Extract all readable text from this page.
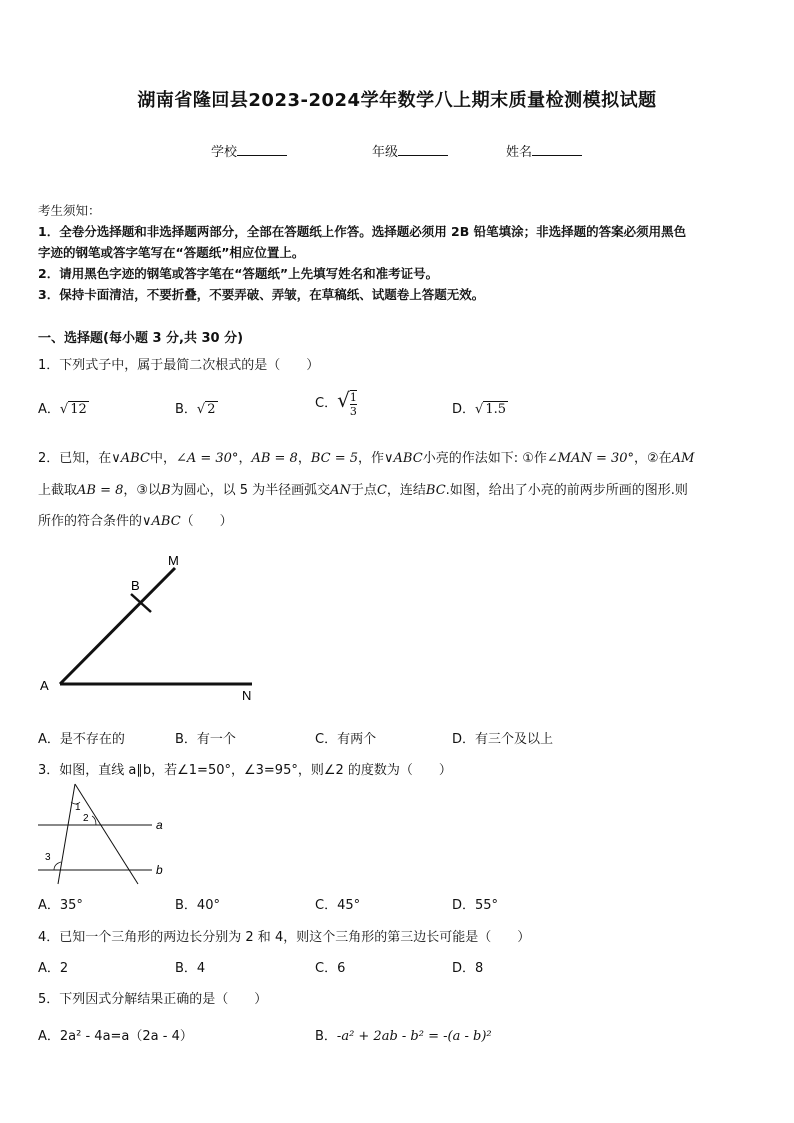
湖南省隆回县2023-2024学年数学八上期末质量检测模拟试题
学校	年级	姓名
考生须知：
1．全卷分选择题和非选择题两部分，全部在答题纸上作答。选择题必须用 2B 铅笔填涂；非选择题的答案必须用黑色
字迹的钢笔或答字笔写在“答题纸”相应位置上。
2．请用黑色字迹的钢笔或答字笔在“答题纸”上先填写姓名和准考证号。
3．保持卡面清洁，不要折叠，不要弄破、弄皱，在草稿纸、试题卷上答题无效。
一、选择题(每小题 3 分,共 30 分)
1．下列式子中，属于最简二次根式的是（　　）
A．√ 12	B．√ 2	C．√ $\frac{1}{3}$	D．√ 1.5
2．已知，在∨ABC中，∠A = 30°，AB = 8，BC = 5，作∨ABC小亮的作法如下: ①作∠MAN = 30°，②在AM
上截取AB = 8，③以B为圆心，以 5 为半径画弧交AN于点C，连结BC.如图，给出了小亮的前两步所画的图形.则
所作的符合条件的∨ABC（　　）
M
B
A
N
A．是不存在的	B．有一个	C．有两个	D．有三个及以上
3．如图，直线 a∥b，若∠1=50°，∠3=95°，则∠2 的度数为（　　）
1
2
3
a
b
A．35°	B．40°	C．45°	D．55°
4．已知一个三角形的两边长分别为 2 和 4，则这个三角形的第三边长可能是（　　）
A．2	B．4	C．6	D．8
5．下列因式分解结果正确的是（　　）
A．2a² - 4a=a（2a - 4）	B．-a² + 2ab - b² = -(a - b)²
